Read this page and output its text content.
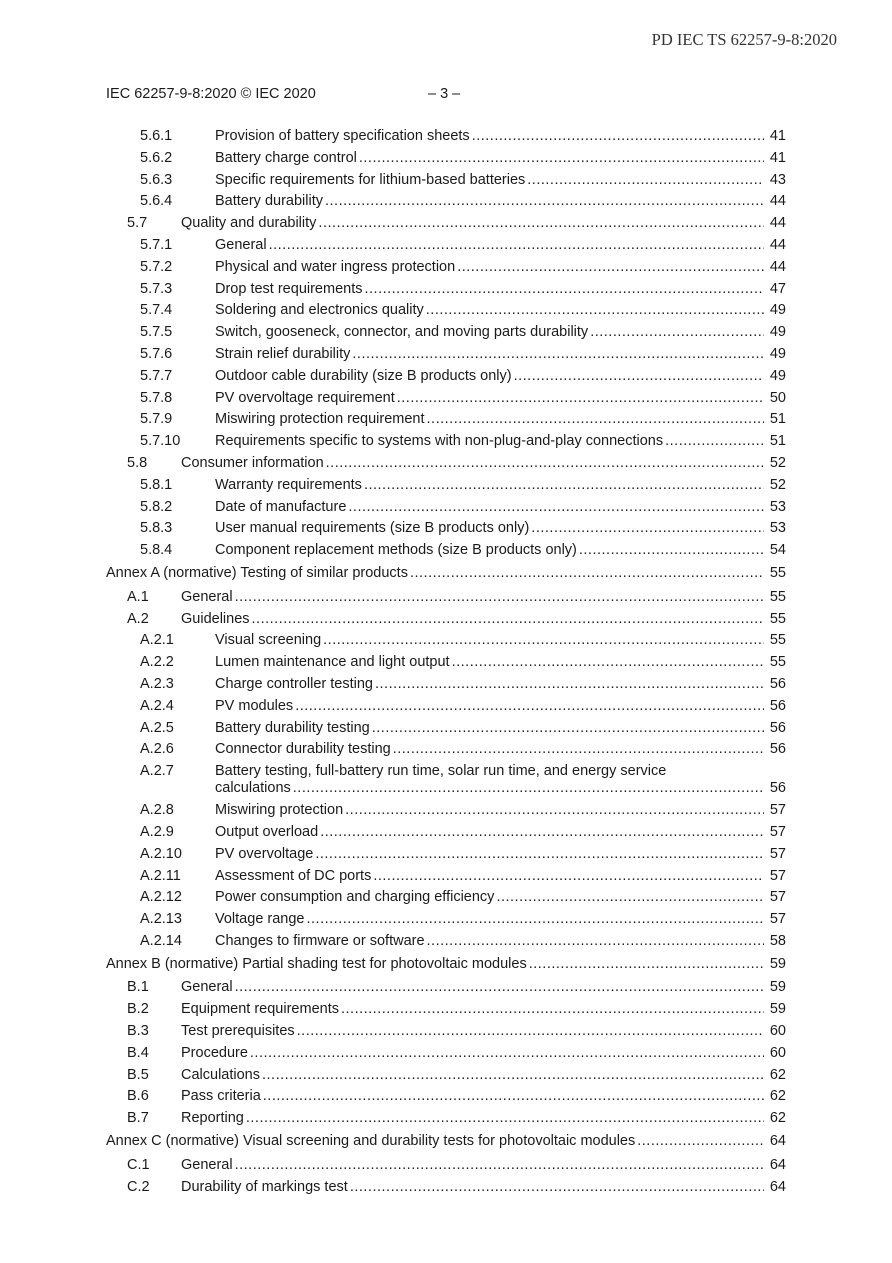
PD IEC TS 62257-9-8:2020
IEC 62257-9-8:2020 © IEC 2020	– 3 –
5.6.1	Provision of battery specification sheets .....	41
5.6.2	Battery charge control .....	41
5.6.3	Specific requirements for lithium-based batteries .....	43
5.6.4	Battery durability .....	44
5.7 Quality and durability .....	44
5.7.1	General .....	44
5.7.2	Physical and water ingress protection .....	44
5.7.3	Drop test requirements .....	47
5.7.4	Soldering and electronics quality .....	49
5.7.5	Switch, gooseneck, connector, and moving parts durability .....	49
5.7.6	Strain relief durability .....	49
5.7.7	Outdoor cable durability (size B products only) .....	49
5.7.8	PV overvoltage requirement .....	50
5.7.9	Miswiring protection requirement .....	51
5.7.10 Requirements specific to systems with non-plug-and-play connections .....	51
5.8 Consumer information .....	52
5.8.1	Warranty requirements .....	52
5.8.2	Date of manufacture .....	53
5.8.3	User manual requirements (size B products only) .....	53
5.8.4	Component replacement methods (size B products only) .....	54
Annex A (normative) Testing of similar products .....	55
A.1 General .....	55
A.2 Guidelines .....	55
A.2.1	Visual screening .....	55
A.2.2	Lumen maintenance and light output .....	55
A.2.3	Charge controller testing .....	56
A.2.4	PV modules .....	56
A.2.5	Battery durability testing .....	56
A.2.6	Connector durability testing .....	56
A.2.7	Battery testing, full-battery run time, solar run time, and energy service
calculations .....	56
A.2.8	Miswiring protection .....	57
A.2.9	Output overload .....	57
A.2.10 PV overvoltage .....	57
A.2.11 Assessment of DC ports .....	57
A.2.12 Power consumption and charging efficiency .....	57
A.2.13 Voltage range .....	57
A.2.14 Changes to firmware or software .....	58
Annex B (normative) Partial shading test for photovoltaic modules .....	59
B.1 General .....	59
B.2 Equipment requirements .....	59
B.3 Test prerequisites .....	60
B.4 Procedure .....	60
B.5 Calculations .....	62
B.6 Pass criteria .....	62
B.7 Reporting .....	62
Annex C (normative) Visual screening and durability tests for photovoltaic modules .....	64
C.1 General .....	64
C.2 Durability of markings test .....	64
